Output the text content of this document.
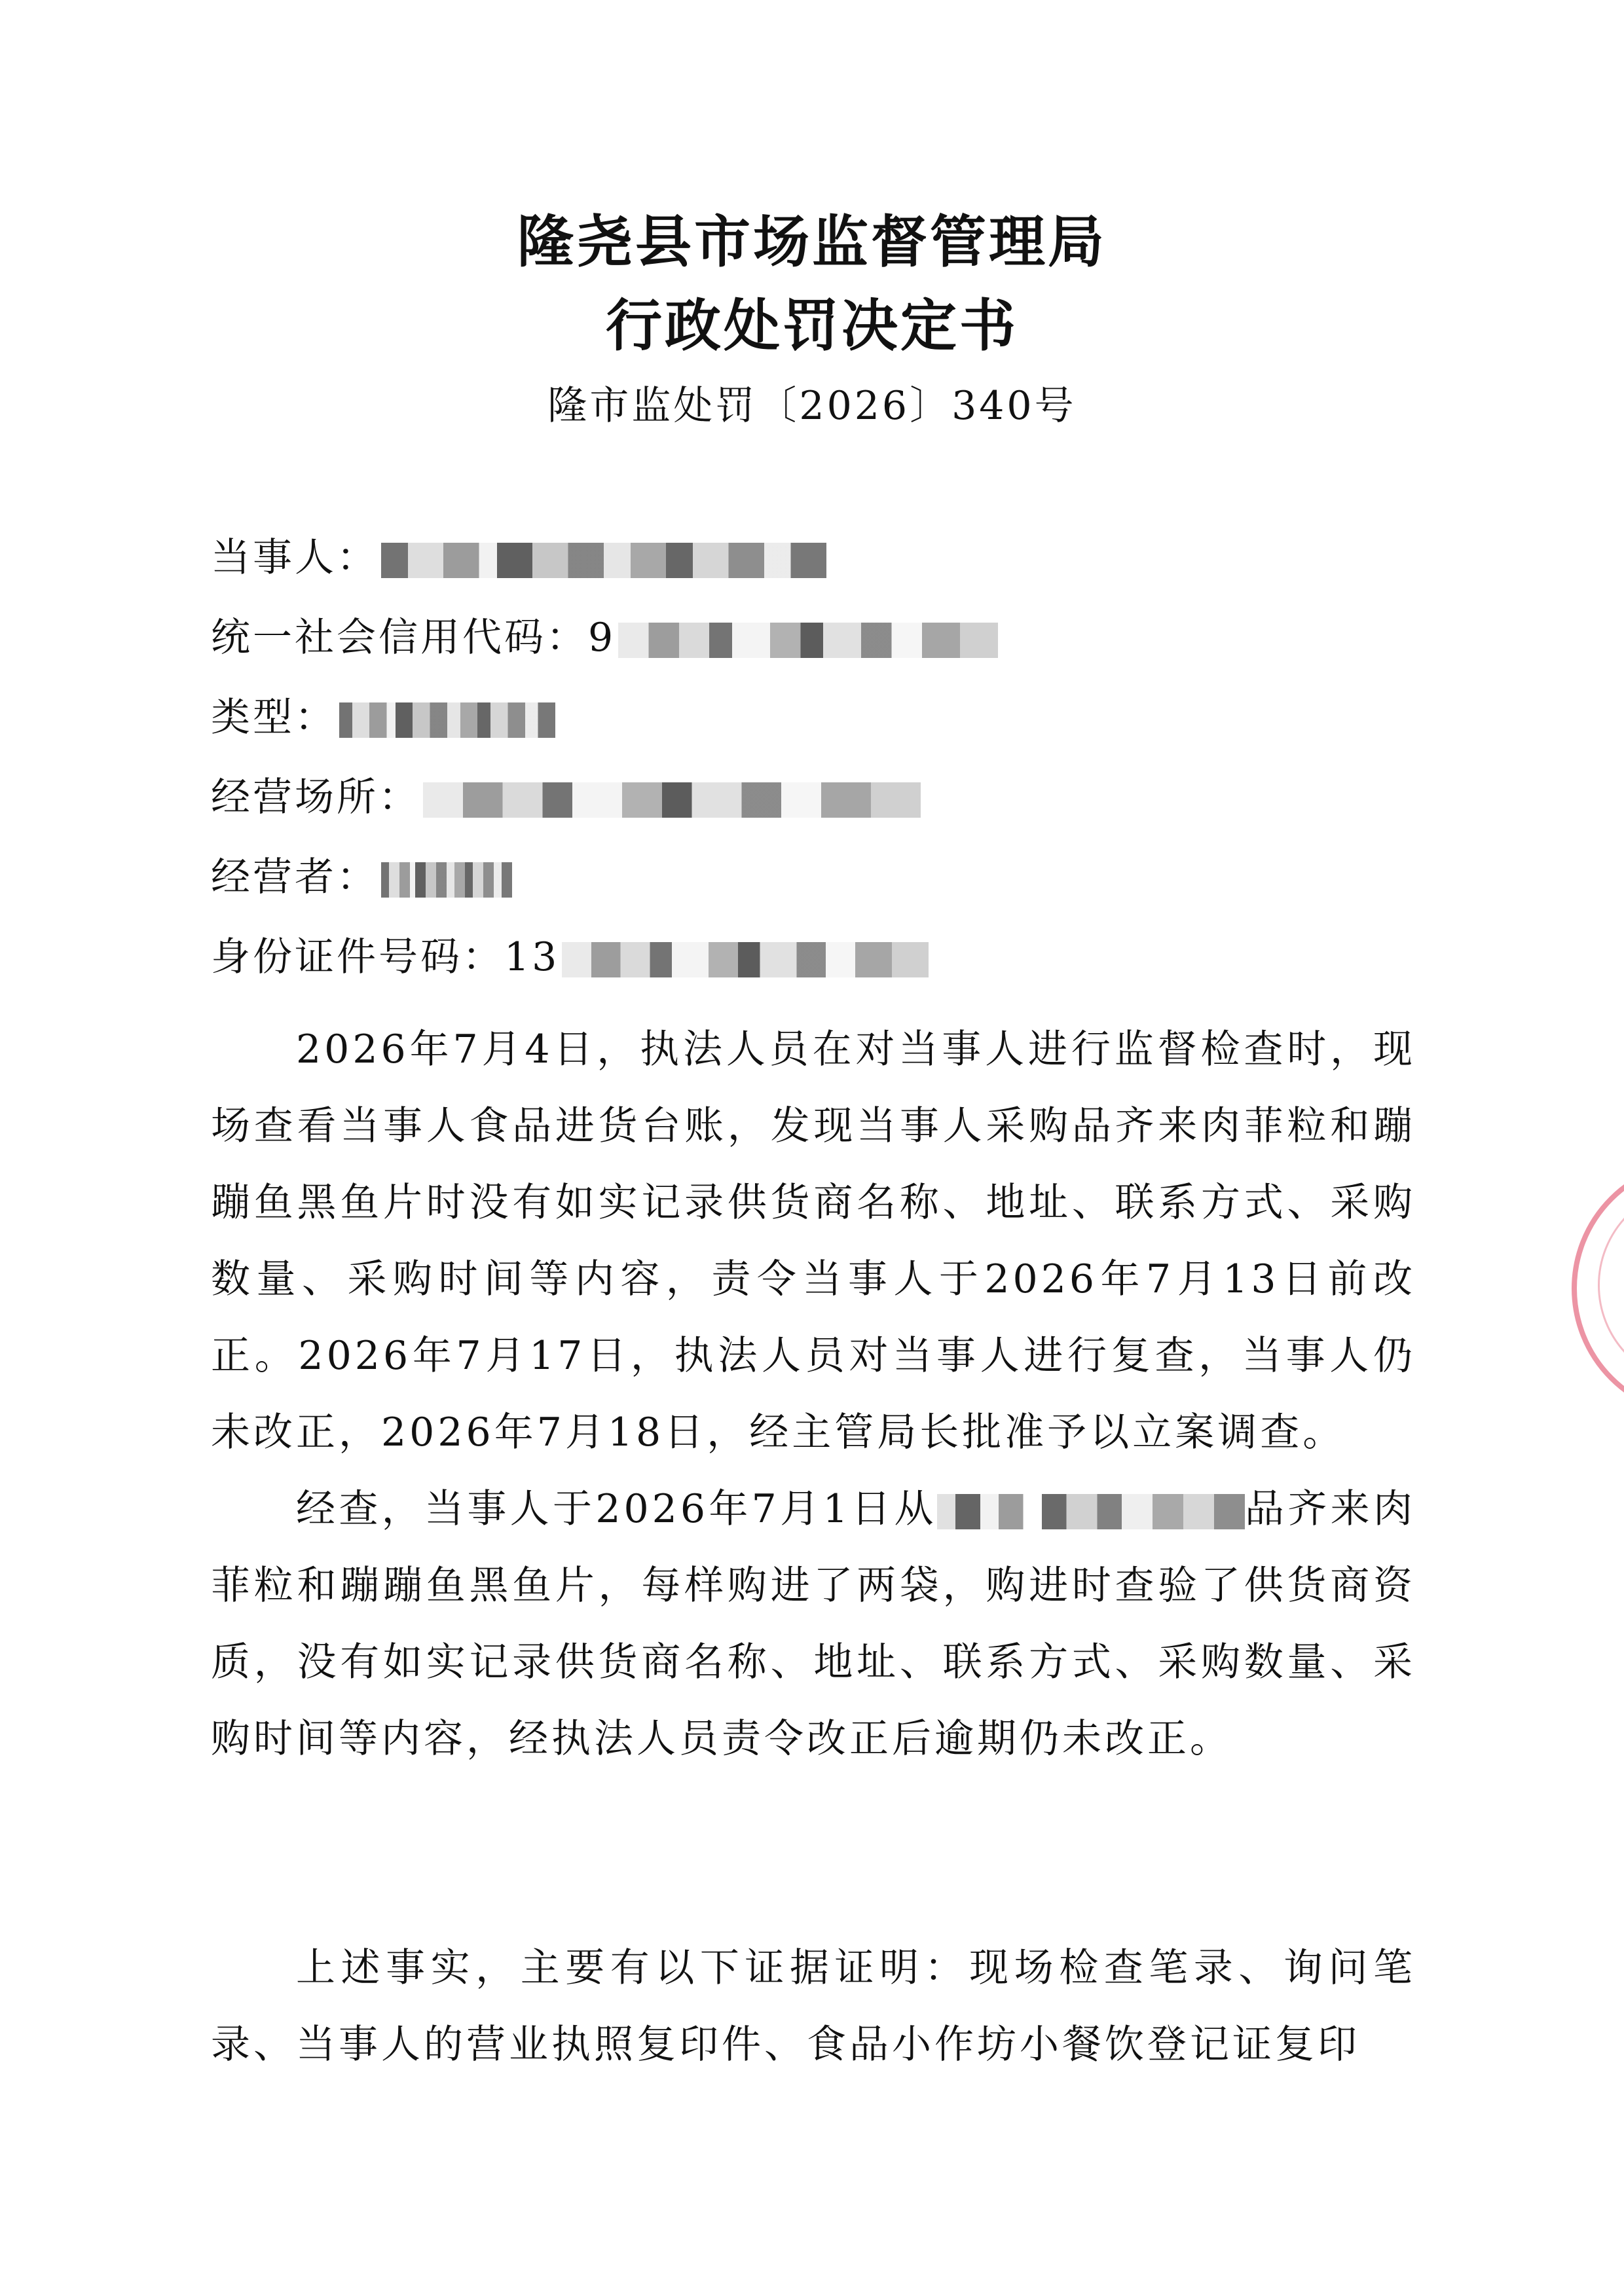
隆尧县市场监督管理局
行政处罚决定书
隆市监处罚〔2026〕340号
当事人：
统一社会信用代码：9
类型：
经营场所：
经营者：
身份证件号码：13
2026年7月4日，执法人员在对当事人进行监督检查时，现场查看当事人食品进货台账，发现当事人采购品齐来肉菲粒和蹦蹦鱼黑鱼片时没有如实记录供货商名称、地址、联系方式、采购数量、采购时间等内容，责令当事人于2026年7月13日前改正。2026年7月17日，执法人员对当事人进行复查，当事人仍未改正，2026年7月18日，经主管局长批准予以立案调查。
经查，当事人于2026年7月1日从	品齐来肉菲粒和蹦蹦鱼黑鱼片，每样购进了两袋，购进时查验了供货商资质，没有如实记录供货商名称、地址、联系方式、采购数量、采购时间等内容，经执法人员责令改正后逾期仍未改正。
上述事实，主要有以下证据证明：现场检查笔录、询问笔录、当事人的营业执照复印件、食品小作坊小餐饮登记证复印
